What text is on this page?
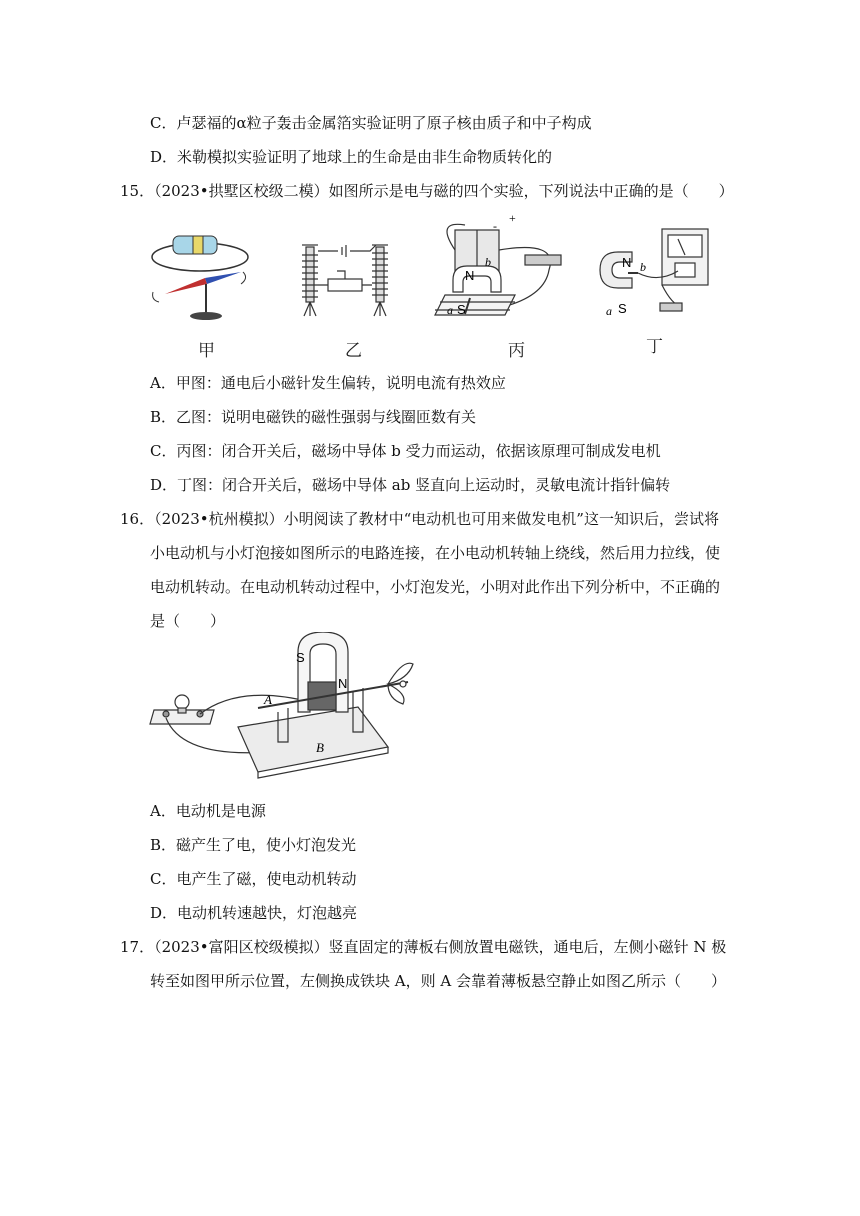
C．卢瑟福的α粒子轰击金属箔实验证明了原子核由质子和中子构成
D．米勒模拟实验证明了地球上的生命是由非生命物质转化的
15．（2023•拱墅区校级二模）如图所示是电与磁的四个实验，下列说法中正确的是（　　）
甲	乙
-
+
N
b
a S
丙
N b
a S
丁
A．甲图：通电后小磁针发生偏转，说明电流有热效应
B．乙图：说明电磁铁的磁性强弱与线圈匝数有关
C．丙图：闭合开关后，磁场中导体 b 受力而运动，依据该原理可制成发电机
D．丁图：闭合开关后，磁场中导体 ab 竖直向上运动时，灵敏电流计指针偏转
16．（2023•杭州模拟）小明阅读了教材中“电动机也可用来做发电机”这一知识后，尝试将
小电动机与小灯泡接如图所示的电路连接，在小电动机转轴上绕线，然后用力拉线，使
电动机转动。在电动机转动过程中，小灯泡发光，小明对此作出下列分析中，不正确的
是（　　）
S
N
A
B
A．电动机是电源
B．磁产生了电，使小灯泡发光
C．电产生了磁，使电动机转动
D．电动机转速越快，灯泡越亮
17．（2023•富阳区校级模拟）竖直固定的薄板右侧放置电磁铁，通电后，左侧小磁针 N 极
转至如图甲所示位置，左侧换成铁块 A，则 A 会靠着薄板悬空静止如图乙所示（　　）
